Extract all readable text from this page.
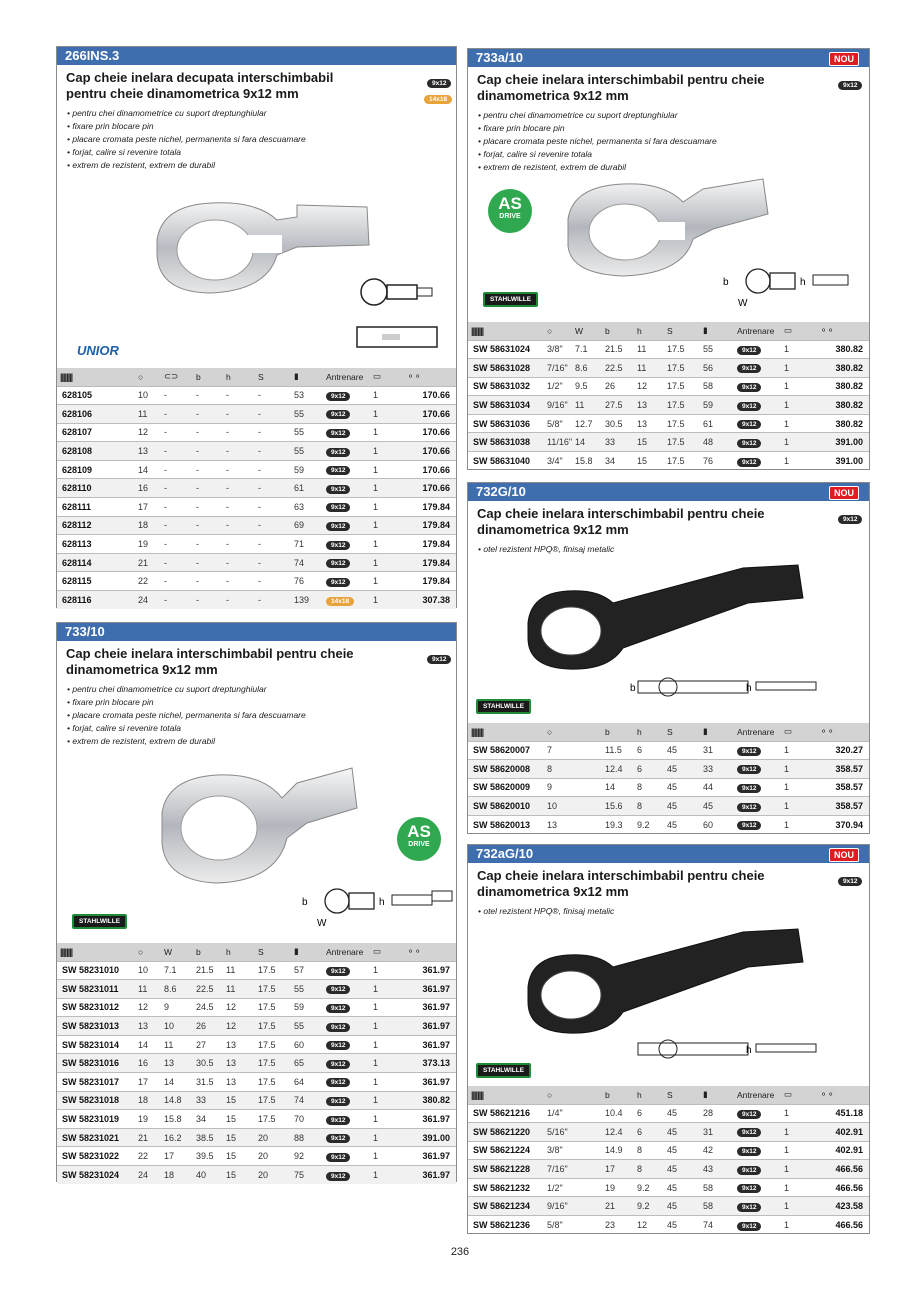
266INS.3
Cap cheie inelara decupata interschimbabil pentru cheie dinamometrica 9x12 mm
9x12
14x18
• pentru chei dinamometrice cu suport dreptunghiular
• fixare prin blocare pin
• placare cromata peste nichel, permanenta si fara descuamare
• forjat, calire si revenire totala
• extrem de rezistent, extrem de durabil
UNIOR
||||||||	○	⊂⊃	b	h	S	▮	Antrenare	▭	⚬⚬
628105	10	-	-	-	-	53	9x12	1	170.66
628106	11	-	-	-	-	55	9x12	1	170.66
628107	12	-	-	-	-	55	9x12	1	170.66
628108	13	-	-	-	-	55	9x12	1	170.66
628109	14	-	-	-	-	59	9x12	1	170.66
628110	16	-	-	-	-	61	9x12	1	170.66
628111	17	-	-	-	-	63	9x12	1	179.84
628112	18	-	-	-	-	69	9x12	1	179.84
628113	19	-	-	-	-	71	9x12	1	179.84
628114	21	-	-	-	-	74	9x12	1	179.84
628115	22	-	-	-	-	76	9x12	1	179.84
628116	24	-	-	-	-	139	14x18	1	307.38
733/10
Cap cheie inelara interschimbabil pentru cheie dinamometrica 9x12 mm
9x12
• pentru chei dinamometrice cu suport dreptunghiular
• fixare prin blocare pin
• placare cromata peste nichel, permanenta si fara descuamare
• forjat, calire si revenire totala
• extrem de rezistent, extrem de durabil
AS
DRIVE
b
W
h
STAHLWILLE
||||||||	○	W	b	h	S	▮	Antrenare	▭	⚬⚬
SW 58231010	10	7.1	21.5	11	17.5	57	9x12	1	361.97
SW 58231011	11	8.6	22.5	11	17.5	55	9x12	1	361.97
SW 58231012	12	9	24.5	12	17.5	59	9x12	1	361.97
SW 58231013	13	10	26	12	17.5	55	9x12	1	361.97
SW 58231014	14	11	27	13	17.5	60	9x12	1	361.97
SW 58231016	16	13	30.5	13	17.5	65	9x12	1	373.13
SW 58231017	17	14	31.5	13	17.5	64	9x12	1	361.97
SW 58231018	18	14.8	33	15	17.5	74	9x12	1	380.82
SW 58231019	19	15.8	34	15	17.5	70	9x12	1	361.97
SW 58231021	21	16.2	38.5	15	20	88	9x12	1	391.00
SW 58231022	22	17	39.5	15	20	92	9x12	1	361.97
SW 58231024	24	18	40	15	20	75	9x12	1	361.97
733a/10	NOU
Cap cheie inelara interschimbabil pentru cheie dinamometrica 9x12 mm
9x12
• pentru chei dinamometrice cu suport dreptunghiular
• fixare prin blocare pin
• placare cromata peste nichel, permanenta si fara descuamare
• forjat, calire si revenire totala
• extrem de rezistent, extrem de durabil
AS
DRIVE
b
W
h
STAHLWILLE
||||||||	○	W	b	h	S	▮	Antrenare	▭	⚬⚬
SW 58631024	3/8"	7.1	21.5	11	17.5	55	9x12	1	380.82
SW 58631028	7/16"	8.6	22.5	11	17.5	56	9x12	1	380.82
SW 58631032	1/2"	9.5	26	12	17.5	58	9x12	1	380.82
SW 58631034	9/16"	11	27.5	13	17.5	59	9x12	1	380.82
SW 58631036	5/8"	12.7	30.5	13	17.5	61	9x12	1	380.82
SW 58631038	11/16"	14	33	15	17.5	48	9x12	1	391.00
SW 58631040	3/4"	15.8	34	15	17.5	76	9x12	1	391.00
732G/10	NOU
Cap cheie inelara interschimbabil pentru cheie dinamometrica 9x12 mm
9x12
• otel rezistent HPQ®, finisaj metalic
b	h
STAHLWILLE
||||||||	○	b	h	S	▮	Antrenare	▭	⚬⚬
SW 58620007	7	11.5	6	45	31	9x12	1	320.27
SW 58620008	8	12.4	6	45	33	9x12	1	358.57
SW 58620009	9	14	8	45	44	9x12	1	358.57
SW 58620010	10	15.6	8	45	45	9x12	1	358.57
SW 58620013	13	19.3	9.2	45	60	9x12	1	370.94
732aG/10	NOU
Cap cheie inelara interschimbabil pentru cheie dinamometrica 9x12 mm
9x12
• otel rezistent HPQ®, finisaj metalic
h
STAHLWILLE
||||||||	○	b	h	S	▮	Antrenare	▭	⚬⚬
SW 58621216	1/4"	10.4	6	45	28	9x12	1	451.18
SW 58621220	5/16"	12.4	6	45	31	9x12	1	402.91
SW 58621224	3/8"	14.9	8	45	42	9x12	1	402.91
SW 58621228	7/16"	17	8	45	43	9x12	1	466.56
SW 58621232	1/2"	19	9.2	45	58	9x12	1	466.56
SW 58621234	9/16"	21	9.2	45	58	9x12	1	423.58
SW 58621236	5/8"	23	12	45	74	9x12	1	466.56
236
